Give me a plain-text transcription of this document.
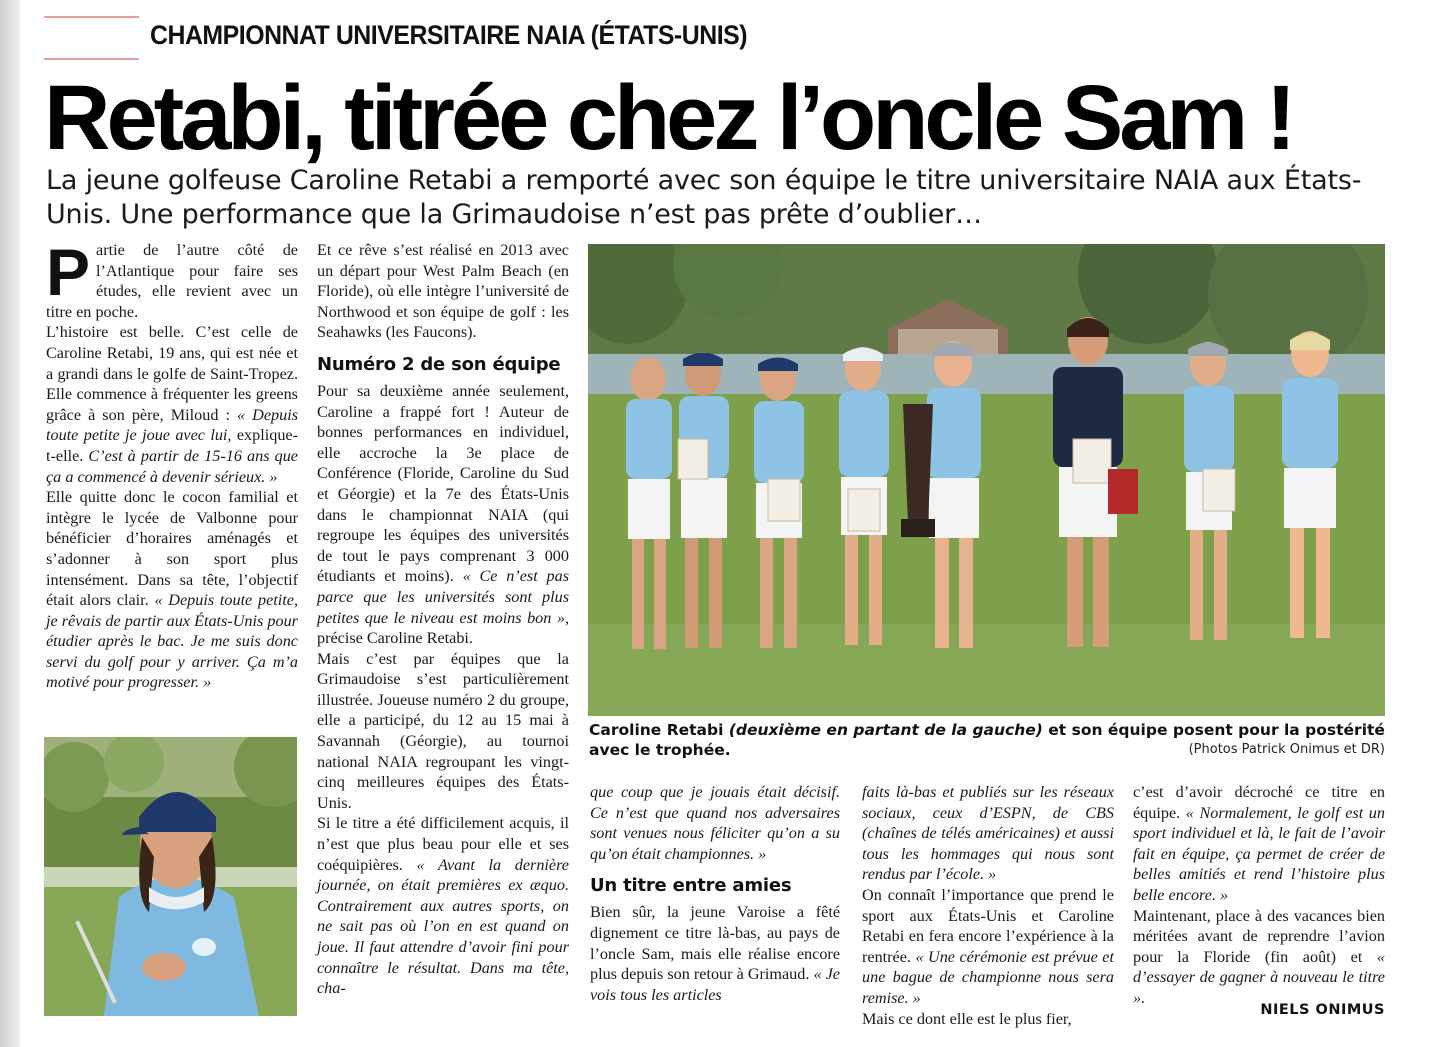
CHAMPIONNAT UNIVERSITAIRE NAIA (ÉTATS-UNIS)
Retabi, titrée chez l’oncle Sam !
La jeune golfeuse Caroline Retabi a remporté avec son équipe le titre universitaire NAIA aux États-Unis. Une performance que la Grimaudoise n’est pas prête d’oublier…

Partie de l’autre côté de l’Atlantique pour faire ses études, elle revient avec un titre en poche.

L’histoire est belle. C’est celle de Caroline Retabi, 19 ans, qui est née et a grandi dans le golfe de Saint-Tropez. Elle commence à fréquenter les greens grâce à son père, Miloud : « Depuis toute petite je joue avec lui, explique-t-elle. C’est à partir de 15-16 ans que ça a commencé à devenir sérieux. »

Elle quitte donc le cocon familial et intègre le lycée de Valbonne pour bénéficier d’horaires aménagés et s’adonner à son sport plus intensément. Dans sa tête, l’objectif était alors clair. « Depuis toute petite, je rêvais de partir aux États-Unis pour étudier après le bac. Je me suis donc servi du golf pour y arriver. Ça m’a motivé pour progresser. »

Et ce rêve s’est réalisé en 2013 avec un départ pour West Palm Beach (en Floride), où elle intègre l’université de Northwood et son équipe de golf : les Seahawks (les Faucons).

Numéro 2 de son équipe

Pour sa deuxième année seulement, Caroline a frappé fort ! Auteur de bonnes performances en individuel, elle accroche la 3e place de Conférence (Floride, Caroline du Sud et Géorgie) et la 7e des États-Unis dans le championnat NAIA (qui regroupe les équipes des universités de tout le pays comprenant 3 000 étudiants et moins). « Ce n’est pas parce que les universités sont plus petites que le niveau est moins bon », précise Caroline Retabi.

Mais c’est par équipes que la Grimaudoise s’est particulièrement illustrée. Joueuse numéro 2 du groupe, elle a participé, du 12 au 15 mai à Savannah (Géorgie), au tournoi national NAIA regroupant les vingt-cinq meilleures équipes des États-Unis.

Si le titre a été difficilement acquis, il n’est que plus beau pour elle et ses coéquipières. « Avant la dernière journée, on était premières ex æquo. Contrairement aux autres sports, on ne sait pas où l’on en est quand on joue. Il faut attendre d’avoir fini pour connaître le résultat. Dans ma tête, cha-

Caroline Retabi (deuxième en partant de la gauche) et son équipe posent pour la postérité avec le trophée.	(Photos Patrick Onimus et DR)

que coup que je jouais était décisif. Ce n’est que quand nos adversaires sont venues nous féliciter qu’on a su qu’on était championnes. »

Un titre entre amies

Bien sûr, la jeune Varoise a fêté dignement ce titre là-bas, au pays de l’oncle Sam, mais elle réalise encore plus depuis son retour à Grimaud. « Je vois tous les articles

faits là-bas et publiés sur les réseaux sociaux, ceux d’ESPN, de CBS (chaînes de télés américaines) et aussi tous les hommages qui nous sont rendus par l’école. »

On connaît l’importance que prend le sport aux États-Unis et Caroline Retabi en fera encore l’expérience à la rentrée. « Une cérémonie est prévue et une bague de championne nous sera remise. »

Mais ce dont elle est le plus fier,

c’est d’avoir décroché ce titre en équipe. « Normalement, le golf est un sport individuel et là, le fait de l’avoir fait en équipe, ça permet de créer de belles amitiés et rend l’histoire plus belle encore. »

Maintenant, place à des vacances bien méritées avant de reprendre l’avion pour la Floride (fin août) et « d’essayer de gagner à nouveau le titre ».

NIELS ONIMUS
